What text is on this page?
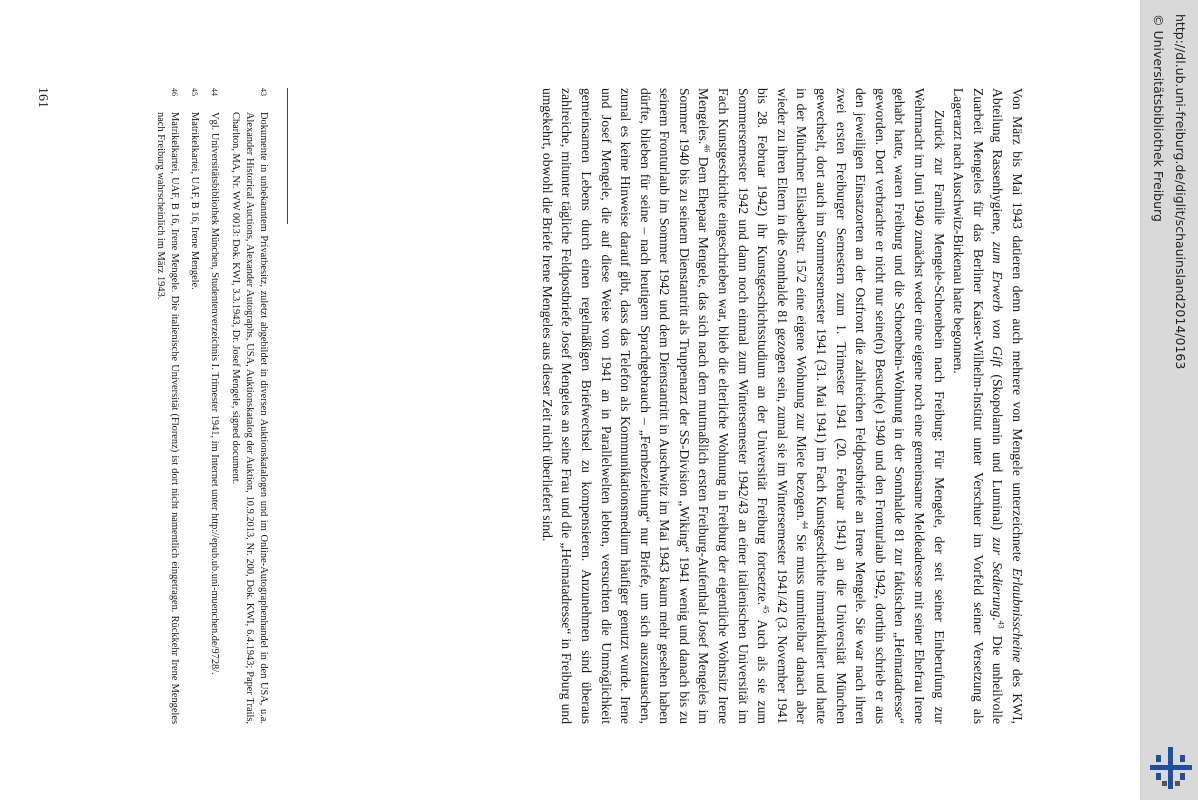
Von März bis Mai 1943 datieren denn auch mehrere von Mengele unterzeichnete Erlaubnisscheine des KWI, Abteilung Rassenhygiene, zum Erwerb von Gift (Skopolamin und Luminal) zur Sedierung.$^{43}$ Die unheilvolle Zuarbeit Mengeles für das Berliner Kaiser-Wilhelm-Institut unter Verschuer im Vorfeld seiner Versetzung als Lagerarzt nach Auschwitz-Birkenau hatte begonnen.

Zurück zur Familie Mengele-Schoenbein nach Freiburg: Für Mengele, der seit seiner Einberufung zur Wehrmacht im Juni 1940 zunächst weder eine eigene noch eine gemeinsame Meldeadresse mit seiner Ehefrau Irene gehabt hatte, waren Freiburg und die Schoenbein-Wohnung in der Sonnhalde 81 zur faktischen „Heimatadresse“ geworden. Dort verbrachte er nicht nur seine(n) Besuch(e) 1940 und den Fronturlaub 1942, dorthin schrieb er aus den jeweiligen Einsatzorten an der Ostfront die zahlreichen Feldpostbriefe an Irene Mengele. Sie war nach ihren zwei ersten Freiburger Semestern zum 1. Trimester 1941 (20. Februar 1941) an die Universität München gewechselt, dort auch im Sommersemester 1941 (31. Mai 1941) im Fach Kunstgeschichte immatrikuliert und hatte in der Münchner Elisabethstr. 15/2 eine eigene Wohnung zur Miete bezogen.$^{44}$ Sie muss unmittelbar danach aber wieder zu ihren Eltern in die Sonnhalde 81 gezogen sein, zumal sie im Wintersemester 1941/42 (3. November 1941 bis 28. Februar 1942) ihr Kunstgeschichtsstudium an der Universität Freiburg fortsetzte.$^{45}$ Auch als sie zum Sommersemester 1942 und dann noch einmal zum Wintersemester 1942/43 an einer italienischen Universität im Fach Kunstgeschichte eingeschrieben war, blieb die elterliche Wohnung in Freiburg der eigentliche Wohnsitz Irene Mengeles.$^{46}$ Dem Ehepaar Mengele, das sich nach dem mutmaßlich ersten Freiburg-Aufenthalt Josef Mengeles im Sommer 1940 bis zu seinem Dienstantritt als Truppenarzt der SS-Division „Wiking“ 1941 wenig und danach bis zu seinem Fronturlaub im Sommer 1942 und dem Dienstantritt in Auschwitz im Mai 1943 kaum mehr gesehen haben dürfte, blieben für seine – nach heutigem Sprachgebrauch – „Fernbeziehung“ nur Briefe, um sich auszutauschen, zumal es keine Hinweise darauf gibt, dass das Telefon als Kommunikationsmedium häufiger genutzt wurde. Irene und Josef Mengele, die auf diese Weise von 1941 an in Parallelwelten lebten, versuchten die Unmöglichkeit gemeinsamen Lebens durch einen regelmäßigen Briefwechsel zu kompensieren. Anzunehmen sind überaus zahlreiche, mitunter tägliche Feldpostbriefe Josef Mengeles an seine Frau und die „Heimatadresse“ in Freiburg und umgekehrt, obwohl die Briefe Irene Mengeles aus dieser Zeit nicht überliefert sind.

43
Dokumente in unbekanntem Privatbesitz, zuletzt abgebildet in diversen Auktionskatalogen und im Online-Autographenhandel in den USA, u.a. Alexander Historical Auctions, Alexander Autographs, USA, Auktionskatalog der Auktion, 10.9.2013, Nr. 200, Dok. KWI, 6.4.1943; Paper Trails, Charlton, MA, Nr. WW 0013: Dok. KWI, 3.3.1943, Dr. Josef Mengele, signed document.
44
Vgl. Universitätsbibliothek München, Studentenverzeichnis I. Trimester 1941, im Internet unter http://epub.ub.uni-muenchen.de/9728/.
45
Matrikelkartei, UAF, B 16, Irene Mengele.
46
Matrikelkartei, UAF, B 16, Irene Mengele. Die italienische Universität (Florenz) ist dort nicht namentlich eingetragen. Rückkehr Irene Mengeles nach Freiburg wahrscheinlich im März 1943.
161	http://dl.ub.uni-freiburg.de/diglit/schauinsland2014/0163
© Universitätsbibliothek Freiburg
